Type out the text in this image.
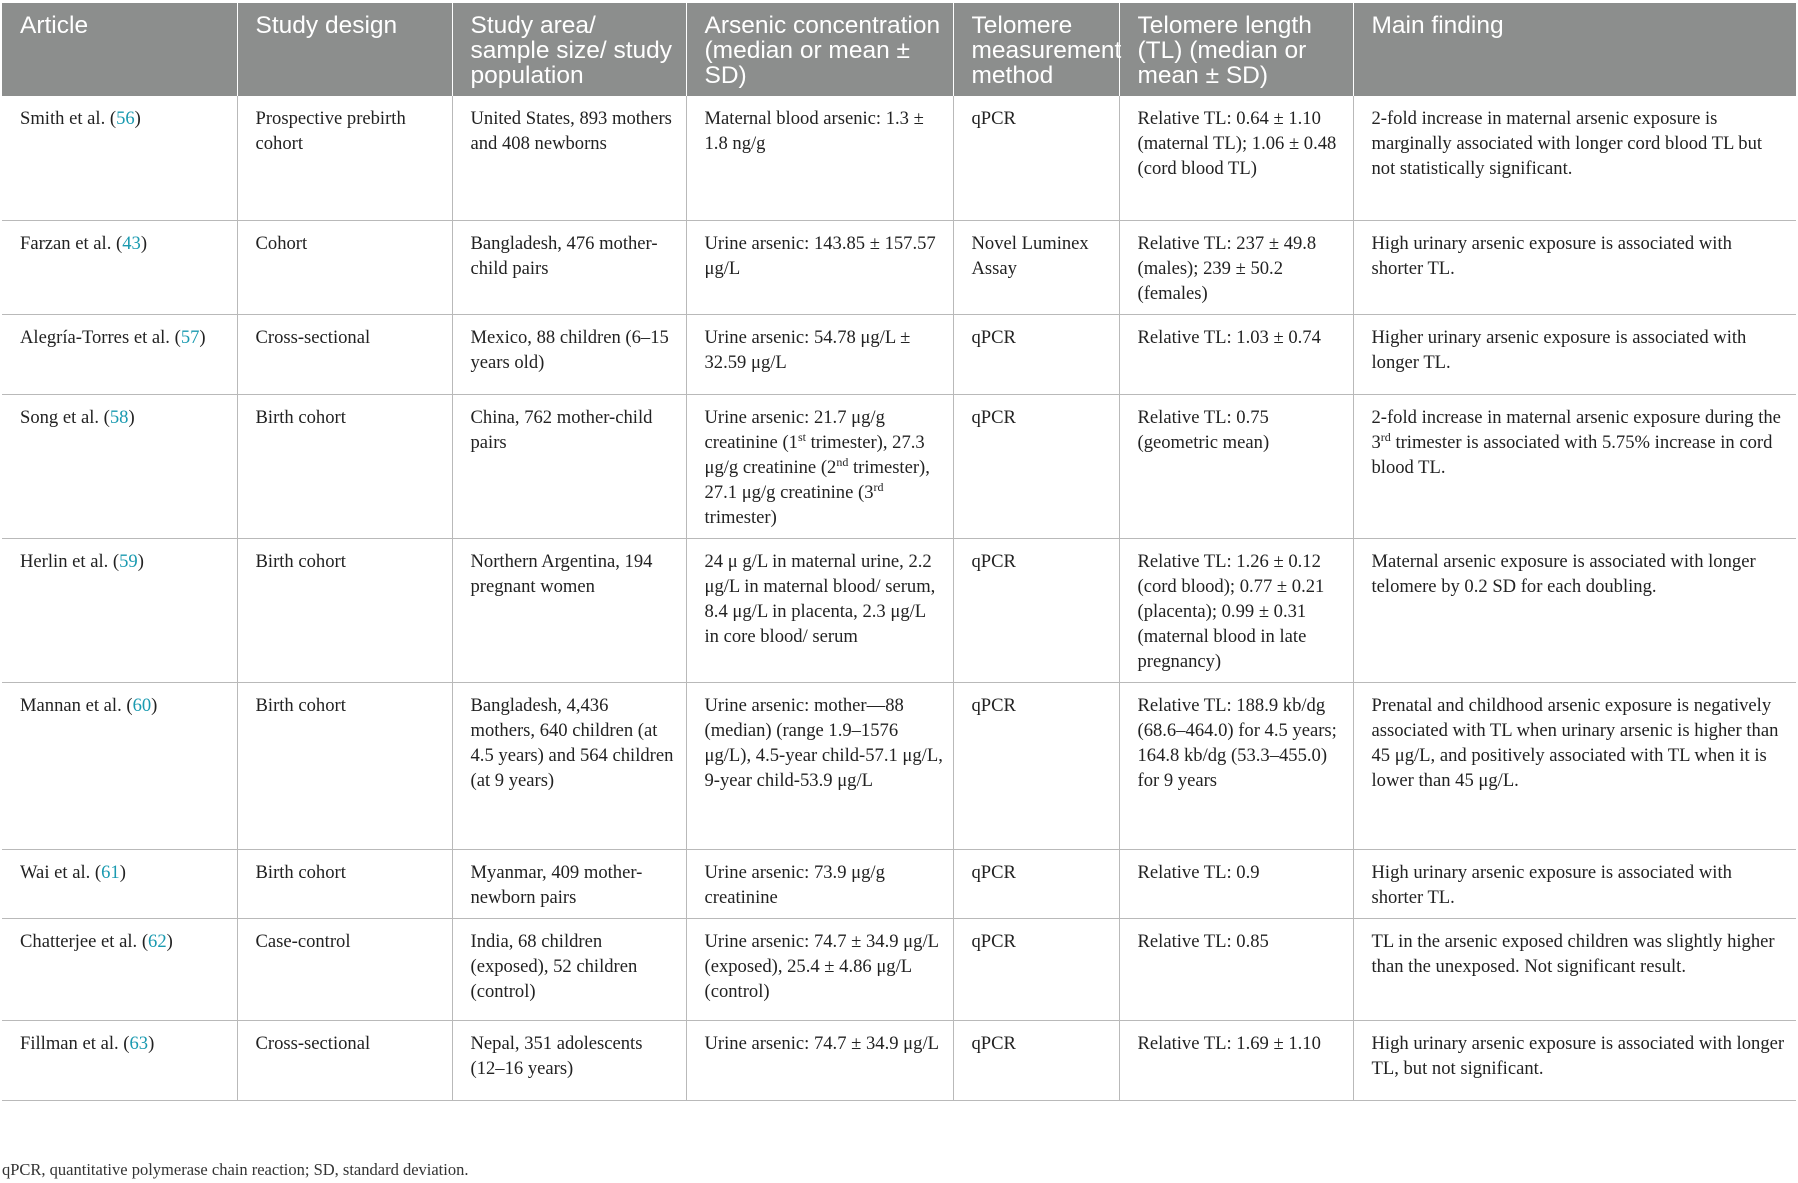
Article	Study design	Study area/ sample size/ study population	Arsenic concentration (median or mean ± SD)	Telomere measurement method	Telomere length (TL) (median or mean ± SD)	Main finding
Smith et al. (56)	Prospective prebirth cohort	United States, 893 mothers and 408 newborns	Maternal blood arsenic: 1.3 ± 1.8 ng/g	qPCR	Relative TL: 0.64 ± 1.10 (maternal TL); 1.06 ± 0.48 (cord blood TL)	2-fold increase in maternal arsenic exposure is marginally associated with longer cord blood TL but not statistically significant.
Farzan et al. (43)	Cohort	Bangladesh, 476 mother-child pairs	Urine arsenic: 143.85 ± 157.57 μg/L	Novel Luminex Assay	Relative TL: 237 ± 49.8 (males); 239 ± 50.2 (females)	High urinary arsenic exposure is associated with shorter TL.
Alegría-Torres et al. (57)	Cross-sectional	Mexico, 88 children (6–15 years old)	Urine arsenic: 54.78 μg/L ± 32.59 μg/L	qPCR	Relative TL: 1.03 ± 0.74	Higher urinary arsenic exposure is associated with longer TL.
Song et al. (58)	Birth cohort	China, 762 mother-child pairs	Urine arsenic: 21.7 μg/g creatinine (1st trimester), 27.3 μg/g creatinine (2nd trimester), 27.1 μg/g creatinine (3rd trimester)	qPCR	Relative TL: 0.75 (geometric mean)	2-fold increase in maternal arsenic exposure during the 3rd trimester is associated with 5.75% increase in cord blood TL.
Herlin et al. (59)	Birth cohort	Northern Argentina, 194 pregnant women	24 μ g/L in maternal urine, 2.2 μg/L in maternal blood/ serum, 8.4 μg/L in placenta, 2.3 μg/L in core blood/ serum	qPCR	Relative TL: 1.26 ± 0.12 (cord blood); 0.77 ± 0.21 (placenta); 0.99 ± 0.31 (maternal blood in late pregnancy)	Maternal arsenic exposure is associated with longer telomere by 0.2 SD for each doubling.
Mannan et al. (60)	Birth cohort	Bangladesh, 4,436 mothers, 640 children (at 4.5 years) and 564 children (at 9 years)	Urine arsenic: mother—88 (median) (range 1.9–1576 μg/L), 4.5-year child-57.1 μg/L, 9-year child-53.9 μg/L	qPCR	Relative TL: 188.9 kb/dg (68.6–464.0) for 4.5 years; 164.8 kb/dg (53.3–455.0) for 9 years	Prenatal and childhood arsenic exposure is negatively associated with TL when urinary arsenic is higher than 45 μg/L, and positively associated with TL when it is lower than 45 μg/L.
Wai et al. (61)	Birth cohort	Myanmar, 409 mother-newborn pairs	Urine arsenic: 73.9 μg/g creatinine	qPCR	Relative TL: 0.9	High urinary arsenic exposure is associated with shorter TL.
Chatterjee et al. (62)	Case-control	India, 68 children (exposed), 52 children (control)	Urine arsenic: 74.7 ± 34.9 μg/L (exposed), 25.4 ± 4.86 μg/L (control)	qPCR	Relative TL: 0.85	TL in the arsenic exposed children was slightly higher than the unexposed. Not significant result.
Fillman et al. (63)	Cross-sectional	Nepal, 351 adolescents (12–16 years)	Urine arsenic: 74.7 ± 34.9 μg/L	qPCR	Relative TL: 1.69 ± 1.10	High urinary arsenic exposure is associated with longer TL, but not significant.
qPCR, quantitative polymerase chain reaction; SD, standard deviation.
